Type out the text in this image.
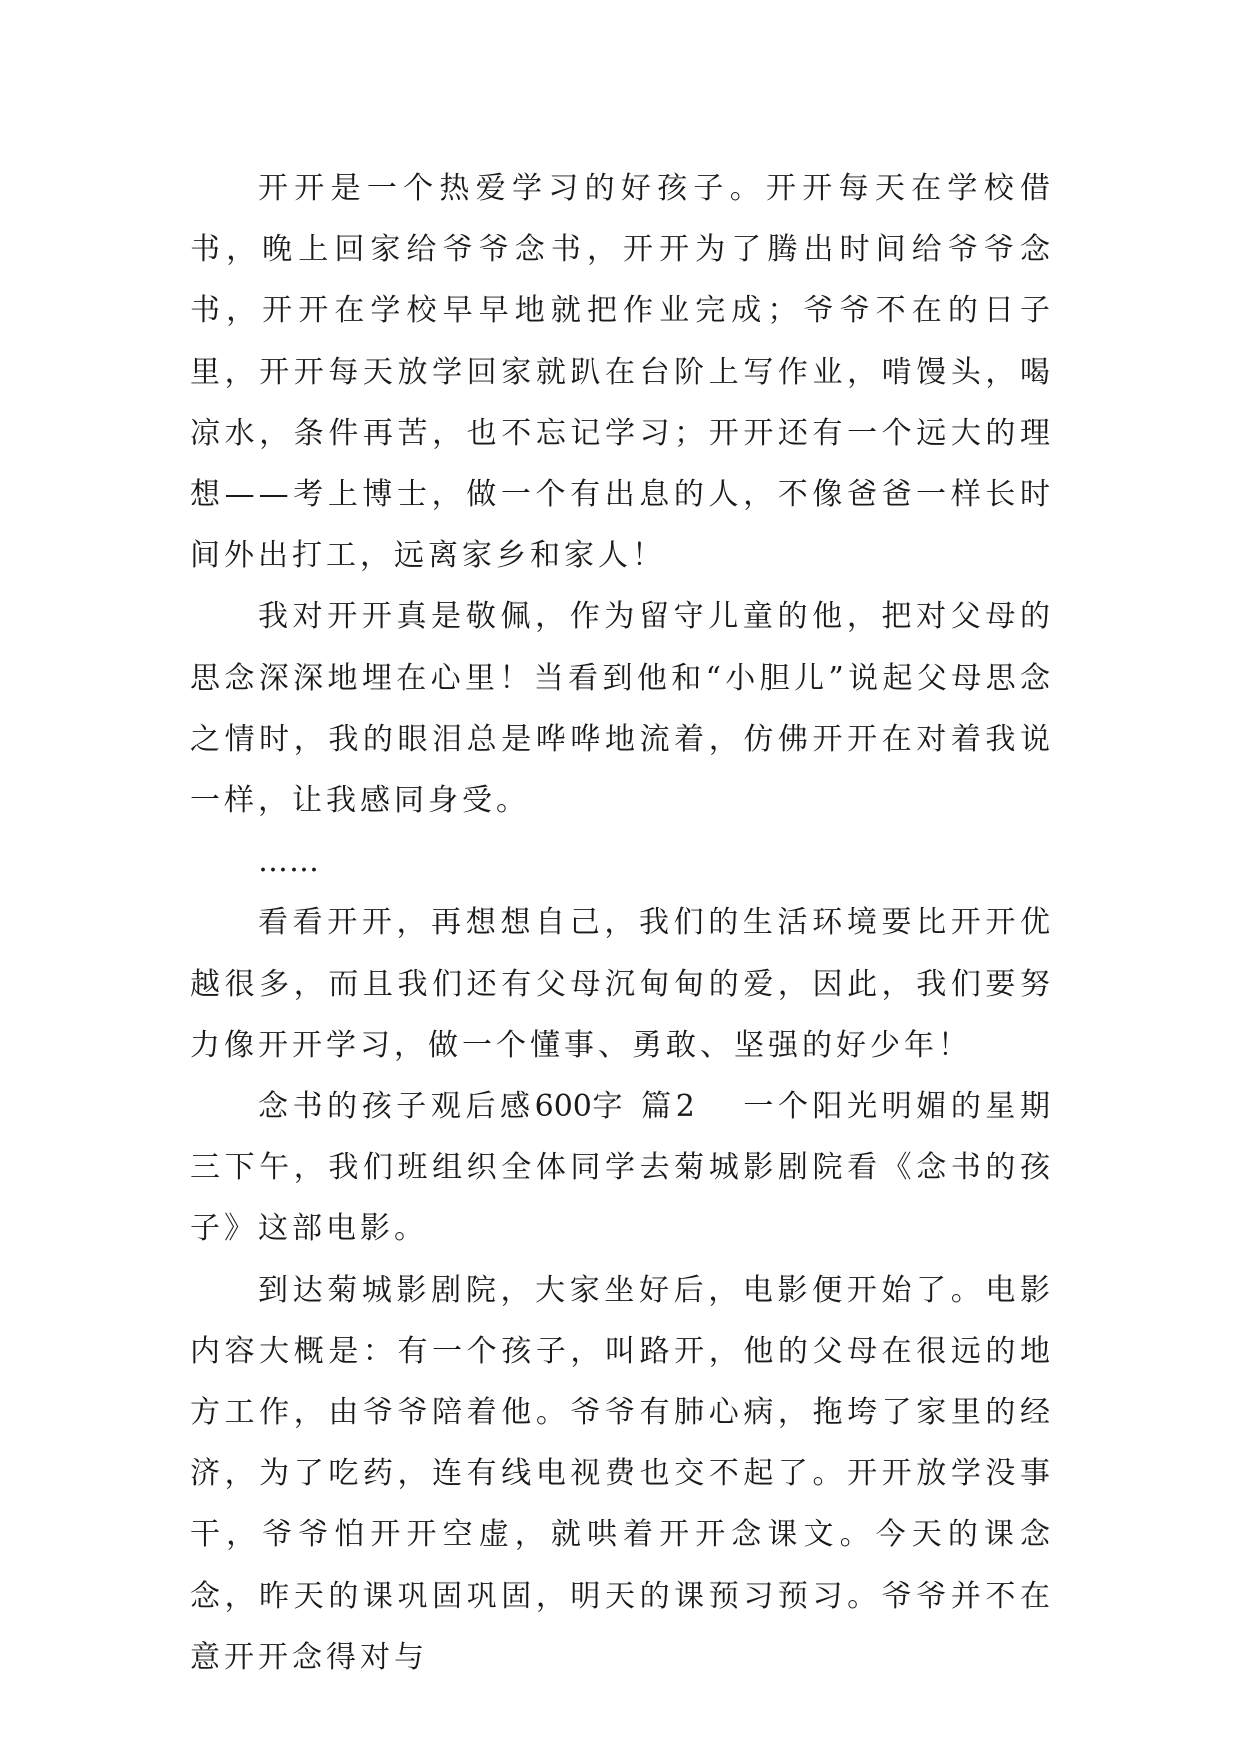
开开是一个热爱学习的好孩子。开开每天在学校借书，晚上回家给爷爷念书，开开为了腾出时间给爷爷念书，开开在学校早早地就把作业完成；爷爷不在的日子里，开开每天放学回家就趴在台阶上写作业，啃馒头，喝凉水，条件再苦，也不忘记学习；开开还有一个远大的理想——考上博士，做一个有出息的人，不像爸爸一样长时间外出打工，远离家乡和家人！

我对开开真是敬佩，作为留守儿童的他，把对父母的思念深深地埋在心里！当看到他和“小胆儿”说起父母思念之情时，我的眼泪总是哗哗地流着，仿佛开开在对着我说一样，让我感同身受。

……

看看开开，再想想自己，我们的生活环境要比开开优越很多，而且我们还有父母沉甸甸的爱，因此，我们要努力像开开学习，做一个懂事、勇敢、坚强的好少年！

念书的孩子观后感600字 篇2 一个阳光明媚的星期三下午，我们班组织全体同学去菊城影剧院看《念书的孩子》这部电影。

到达菊城影剧院，大家坐好后，电影便开始了。电影内容大概是：有一个孩子，叫路开，他的父母在很远的地方工作，由爷爷陪着他。爷爷有肺心病，拖垮了家里的经济，为了吃药，连有线电视费也交不起了。开开放学没事干，爷爷怕开开空虚，就哄着开开念课文。今天的课念念，昨天的课巩固巩固，明天的课预习预习。爷爷并不在意开开念得对与
